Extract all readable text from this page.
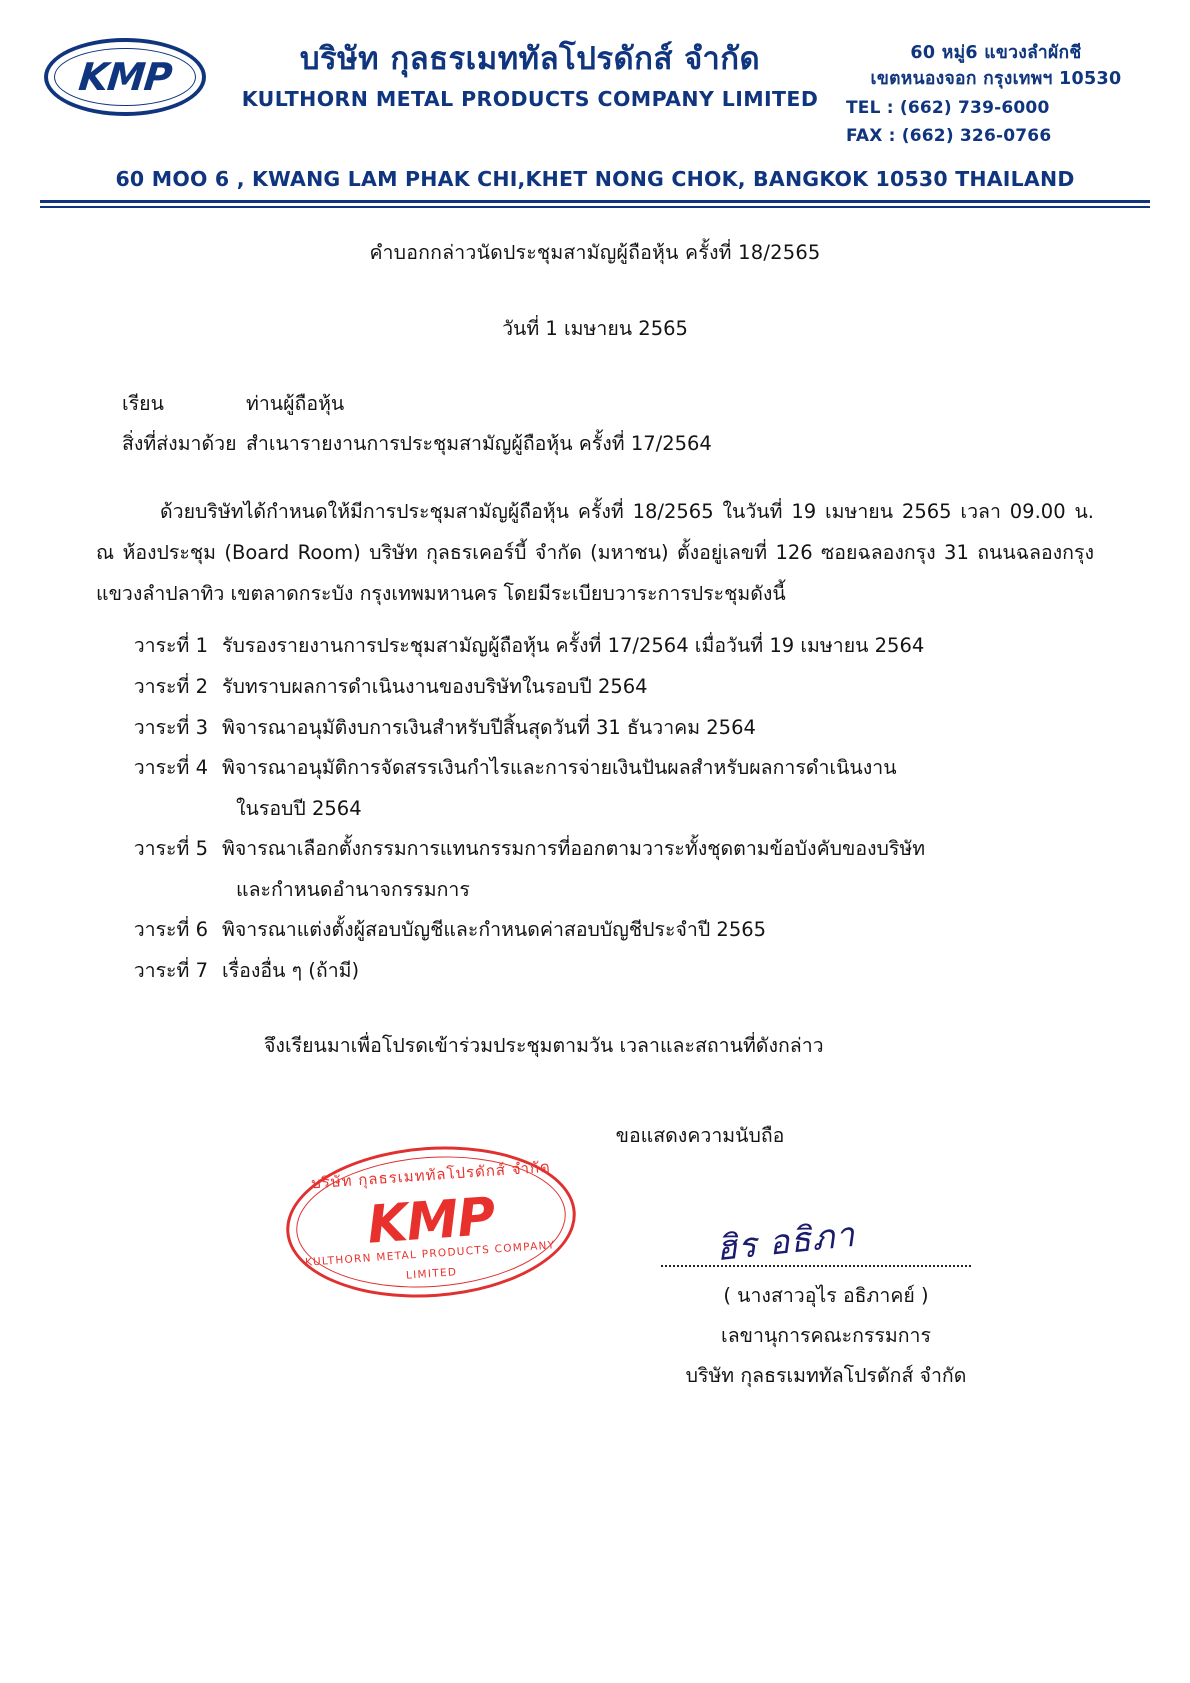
KMP	บริษัท กุลธรเมททัลโปรดักส์ จำกัด
KULTHORN METAL PRODUCTS COMPANY LIMITED
60 หมู่6 แขวงลำผักชี
เขตหนองจอก กรุงเทพฯ 10530
TEL : (662) 739-6000
FAX : (662) 326-0766
60 MOO 6 , KWANG LAM PHAK CHI,KHET NONG CHOK, BANGKOK 10530 THAILAND
คำบอกกล่าวนัดประชุมสามัญผู้ถือหุ้น ครั้งที่ 18/2565
วันที่ 1 เมษายน 2565
เรียน	ท่านผู้ถือหุ้น
สิ่งที่ส่งมาด้วย สำเนารายงานการประชุมสามัญผู้ถือหุ้น ครั้งที่ 17/2564
ด้วยบริษัทได้กำหนดให้มีการประชุมสามัญผู้ถือหุ้น ครั้งที่ 18/2565 ในวันที่ 19 เมษายน 2565 เวลา 09.00 น. ณ ห้องประชุม (Board Room) บริษัท กุลธรเคอร์บี้ จำกัด (มหาชน) ตั้งอยู่เลขที่ 126 ซอยฉลองกรุง 31 ถนนฉลองกรุง แขวงลำปลาทิว เขตลาดกระบัง กรุงเทพมหานคร โดยมีระเบียบวาระการประชุมดังนี้
วาระที่ 1 รับรองรายงานการประชุมสามัญผู้ถือหุ้น ครั้งที่ 17/2564 เมื่อวันที่ 19 เมษายน 2564
วาระที่ 2 รับทราบผลการดำเนินงานของบริษัทในรอบปี 2564
วาระที่ 3 พิจารณาอนุมัติงบการเงินสำหรับปีสิ้นสุดวันที่ 31 ธันวาคม 2564
วาระที่ 4 พิจารณาอนุมัติการจัดสรรเงินกำไรและการจ่ายเงินปันผลสำหรับผลการดำเนินงาน
ในรอบปี 2564
วาระที่ 5 พิจารณาเลือกตั้งกรรมการแทนกรรมการที่ออกตามวาระทั้งชุดตามข้อบังคับของบริษัท
และกำหนดอำนาจกรรมการ
วาระที่ 6 พิจารณาแต่งตั้งผู้สอบบัญชีและกำหนดค่าสอบบัญชีประจำปี 2565
วาระที่ 7 เรื่องอื่น ๆ (ถ้ามี)
จึงเรียนมาเพื่อโปรดเข้าร่วมประชุมตามวัน เวลาและสถานที่ดังกล่าว
ขอแสดงความนับถือ
บริษัท กุลธรเมททัลโปรดักส์ จำกัด
KMP
KULTHORN METAL PRODUCTS COMPANY LIMITED
ฮิร อธิภา
( นางสาวอุไร อธิภาคย์ )
เลขานุการคณะกรรมการ
บริษัท กุลธรเมททัลโปรดักส์ จำกัด
